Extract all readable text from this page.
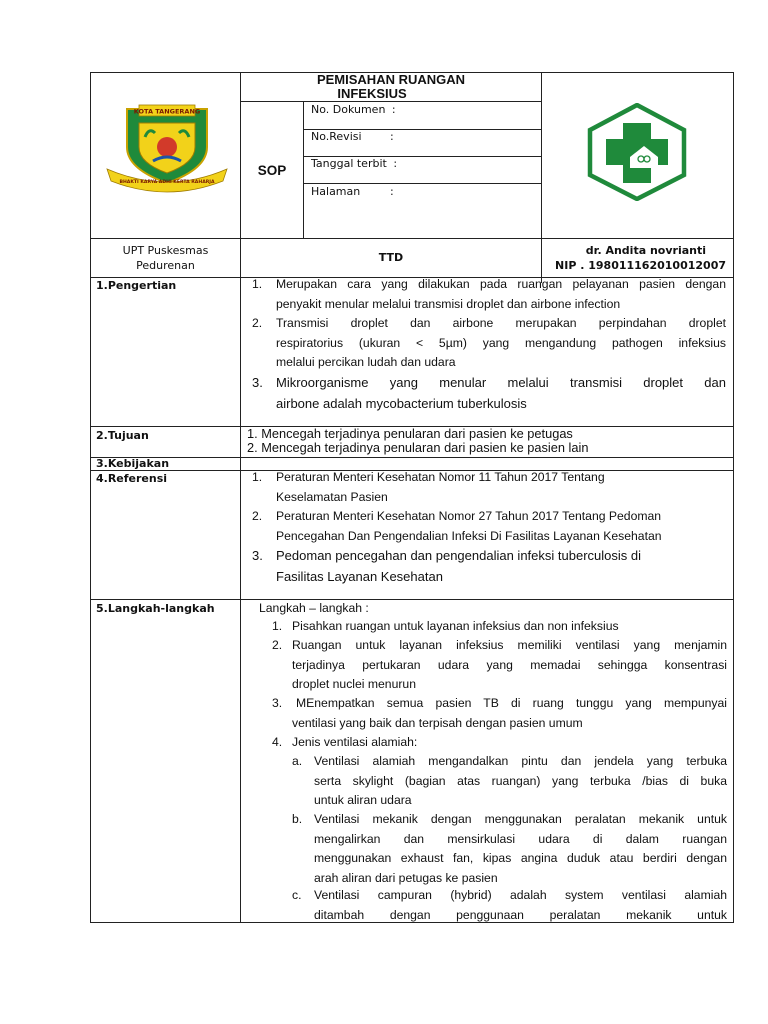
KOTA TANGERANG
BHAKTI KARYA ADHI KERTA RAHARJA
PEMISAHAN RUANGAN
INFEKSIUS
SOP
No. Dokumen :
No.Revisi	:
Tanggal terbit :
Halaman	:
UPT Puskesmas
Pedurenan
TTD
dr. Andita novrianti
NIP . 198011162010012007
1.Pengertian
2.Tujuan
3.Kebijakan
4.Referensi
5.Langkah-langkah
1. Merupakan cara yang dilakukan pada ruangan pelayanan pasien dengan
penyakit menular melalui transmisi droplet dan airbone infection
2. Transmisi droplet dan airbone merupakan perpindahan droplet
respiratorius (ukuran < 5µm) yang mengandung pathogen infeksius
melalui percikan ludah dan udara
3. Mikroorganisme yang menular melalui transmisi droplet dan
airbone adalah mycobacterium tuberkulosis
1. Mencegah terjadinya penularan dari pasien ke petugas
2. Mencegah terjadinya penularan dari pasien ke pasien lain
1. Peraturan Menteri Kesehatan Nomor 11 Tahun 2017 Tentang
Keselamatan Pasien
2. Peraturan Menteri Kesehatan Nomor 27 Tahun 2017 Tentang Pedoman
Pencegahan Dan Pengendalian Infeksi Di Fasilitas Layanan Kesehatan
3. Pedoman pencegahan dan pengendalian infeksi tuberculosis di
Fasilitas Layanan Kesehatan
Langkah – langkah :
1. Pisahkan ruangan untuk layanan infeksius dan non infeksius
2. Ruangan untuk layanan infeksius memiliki ventilasi yang menjamin
terjadinya pertukaran udara yang memadai sehingga konsentrasi
droplet nuclei menurun
3. MEnempatkan semua pasien TB di ruang tunggu yang mempunyai
ventilasi yang baik dan terpisah dengan pasien umum
4. Jenis ventilasi alamiah:
a. Ventilasi alamiah mengandalkan pintu dan jendela yang terbuka
serta skylight (bagian atas ruangan) yang terbuka /bias di buka
untuk aliran udara
b. Ventilasi mekanik dengan menggunakan peralatan mekanik untuk
mengalirkan dan mensirkulasi udara di dalam ruangan
menggunakan exhaust fan, kipas angina duduk atau berdiri dengan
arah aliran dari petugas ke pasien
c. Ventilasi campuran (hybrid) adalah system ventilasi alamiah
ditambah dengan penggunaan peralatan mekanik untuk
